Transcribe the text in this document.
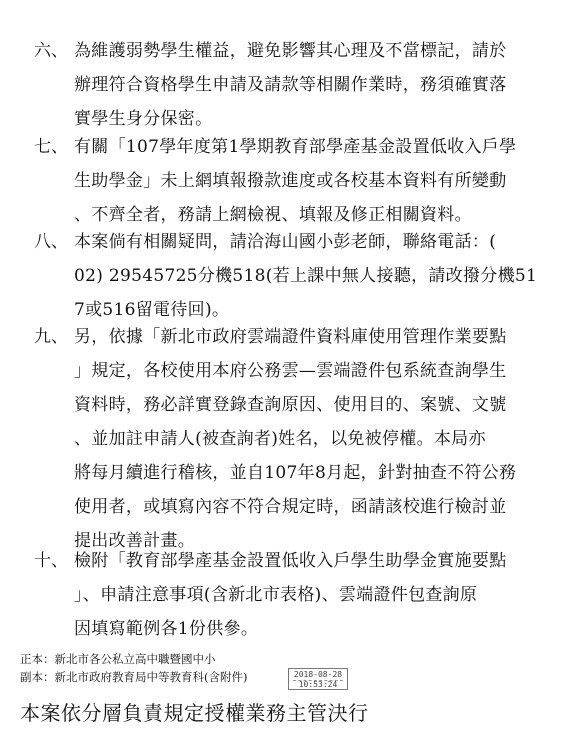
六、 為維護弱勢學生權益，避免影響其心理及不當標記，請於
辦理符合資格學生申請及請款等相關作業時，務須確實落
實學生身分保密。
七、 有關「107學年度第1學期教育部學產基金設置低收入戶學
生助學金」未上網填報撥款進度或各校基本資料有所變動
、不齊全者，務請上網檢視、填報及修正相關資料。
八、 本案倘有相關疑問，請洽海山國小彭老師，聯絡電話：(
02) 29545725分機518(若上課中無人接聽，請改撥分機51
7或516留電待回)。
九、 另，依據「新北市政府雲端證件資料庫使用管理作業要點
」規定，各校使用本府公務雲—雲端證件包系統查詢學生
資料時，務必詳實登錄查詢原因、使用目的、案號、文號
、並加註申請人(被查詢者)姓名，以免被停權。本局亦
將每月續進行稽核，並自107年8月起，針對抽查不符公務
使用者，或填寫內容不符合規定時，函請該校進行檢討並
提出改善計畫。
十、 檢附「教育部學產基金設置低收入戶學生助學金實施要點
」、申請注意事項(含新北市表格)、雲端證件包查詢原
因填寫範例各1份供參。
正本：新北市各公私立高中職暨國中小
副本：新北市政府教育局中等教育科(含附件)	2018-08-28
10:53:24
本案依分層負責規定授權業務主管決行
